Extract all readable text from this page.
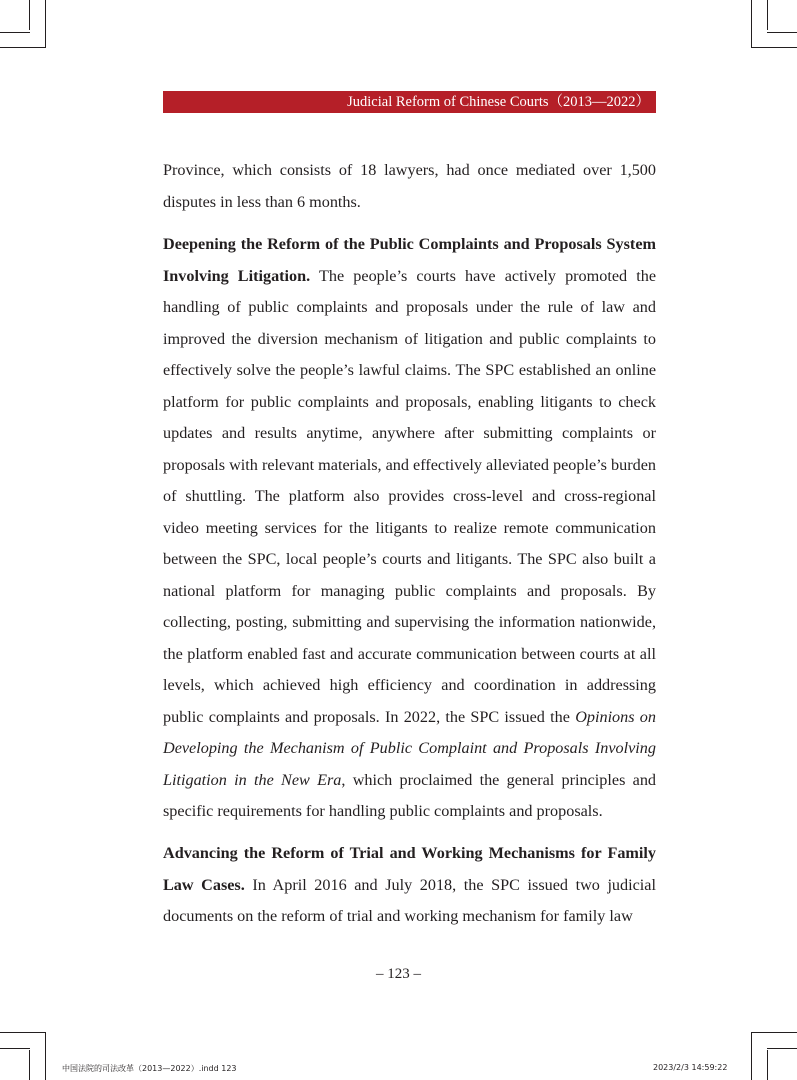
Judicial Reform of Chinese Courts（2013—2022）

Province, which consists of 18 lawyers, had once mediated over 1,500 disputes in less than 6 months.

Deepening the Reform of the Public Complaints and Proposals System Involving Litigation. The people’s courts have actively promoted the handling of public complaints and proposals under the rule of law and improved the diversion mechanism of litigation and public complaints to effectively solve the people’s lawful claims. The SPC established an online platform for public complaints and proposals, enabling litigants to check updates and results anytime, anywhere after submitting complaints or proposals with relevant materials, and effectively alleviated people’s burden of shuttling. The platform also provides cross-level and cross-regional video meeting services for the litigants to realize remote communication between the SPC, local people’s courts and litigants. The SPC also built a national platform for managing public complaints and proposals. By collecting, posting, submitting and supervising the information nationwide, the platform enabled fast and accurate communication between courts at all levels, which achieved high efficiency and coordination in addressing public complaints and proposals. In 2022, the SPC issued the Opinions on Developing the Mechanism of Public Complaint and Proposals Involving Litigation in the New Era, which proclaimed the general principles and specific requirements for handling public complaints and proposals.

Advancing the Reform of Trial and Working Mechanisms for Family Law Cases. In April 2016 and July 2018, the SPC issued two judicial documents on the reform of trial and working mechanism for family law

– 123 –
中国法院的司法改革（2013—2022）.indd 123	2023/2/3 14:59:22
